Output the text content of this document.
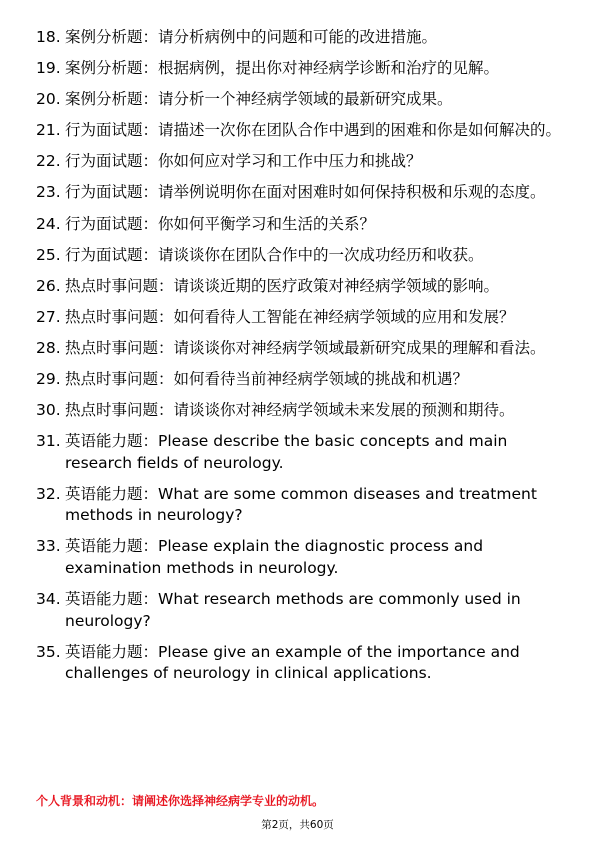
18. 案例分析题：请分析病例中的问题和可能的改进措施。
19. 案例分析题：根据病例，提出你对神经病学诊断和治疗的见解。
20. 案例分析题：请分析一个神经病学领域的最新研究成果。
21. 行为面试题：请描述一次你在团队合作中遇到的困难和你是如何解决的。
22. 行为面试题：你如何应对学习和工作中压力和挑战？
23. 行为面试题：请举例说明你在面对困难时如何保持积极和乐观的态度。
24. 行为面试题：你如何平衡学习和生活的关系？
25. 行为面试题：请谈谈你在团队合作中的一次成功经历和收获。
26. 热点时事问题：请谈谈近期的医疗政策对神经病学领域的影响。
27. 热点时事问题：如何看待人工智能在神经病学领域的应用和发展？
28. 热点时事问题：请谈谈你对神经病学领域最新研究成果的理解和看法。
29. 热点时事问题：如何看待当前神经病学领域的挑战和机遇？
30. 热点时事问题：请谈谈你对神经病学领域未来发展的预测和期待。
31. 英语能力题：Please describe the basic concepts and main research fields of neurology.
32. 英语能力题：What are some common diseases and treatment methods in neurology?
33. 英语能力题：Please explain the diagnostic process and examination methods in neurology.
34. 英语能力题：What research methods are commonly used in neurology?
35. 英语能力题：Please give an example of the importance and challenges of neurology in clinical applications.

个人背景和动机：请阐述你选择神经病学专业的动机。

第2页，共60页
